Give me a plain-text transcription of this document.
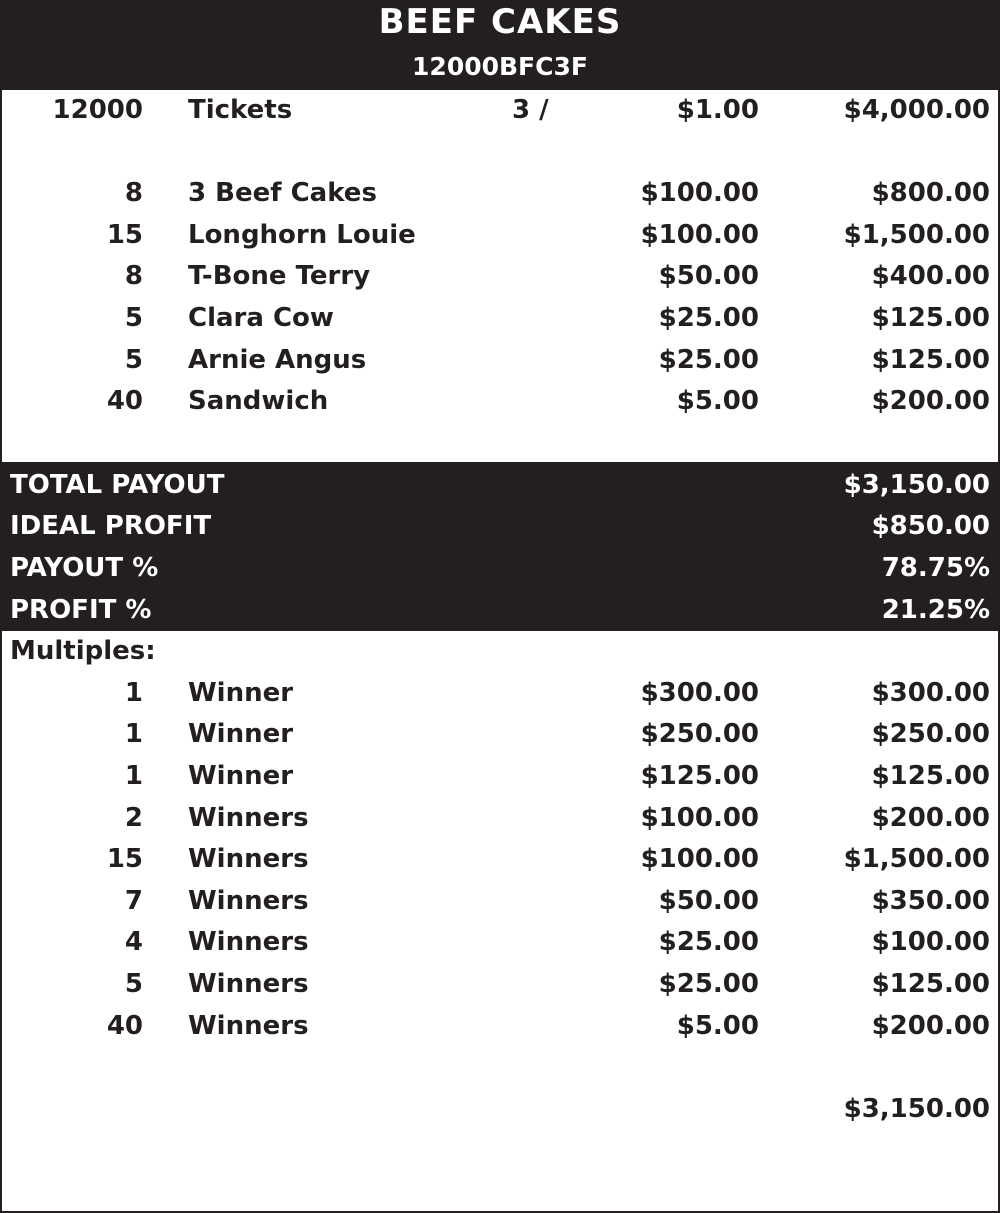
BEEF CAKES
12000BFC3F
12000 Tickets	3 /	$1.00	$4,000.00
8 3 Beef Cakes	$100.00	$800.00
15 Longhorn Louie	$100.00	$1,500.00
8 T-Bone Terry	$50.00	$400.00
5 Clara Cow	$25.00	$125.00
5 Arnie Angus	$25.00	$125.00
40 Sandwich	$5.00	$200.00
TOTAL PAYOUT	$3,150.00
IDEAL PROFIT	$850.00
PAYOUT %	78.75%
PROFIT %	21.25%
Multiples:
1 Winner	$300.00	$300.00
1 Winner	$250.00	$250.00
1 Winner	$125.00	$125.00
2 Winners	$100.00	$200.00
15 Winners	$100.00	$1,500.00
7 Winners	$50.00	$350.00
4 Winners	$25.00	$100.00
5 Winners	$25.00	$125.00
40 Winners	$5.00	$200.00
$3,150.00
